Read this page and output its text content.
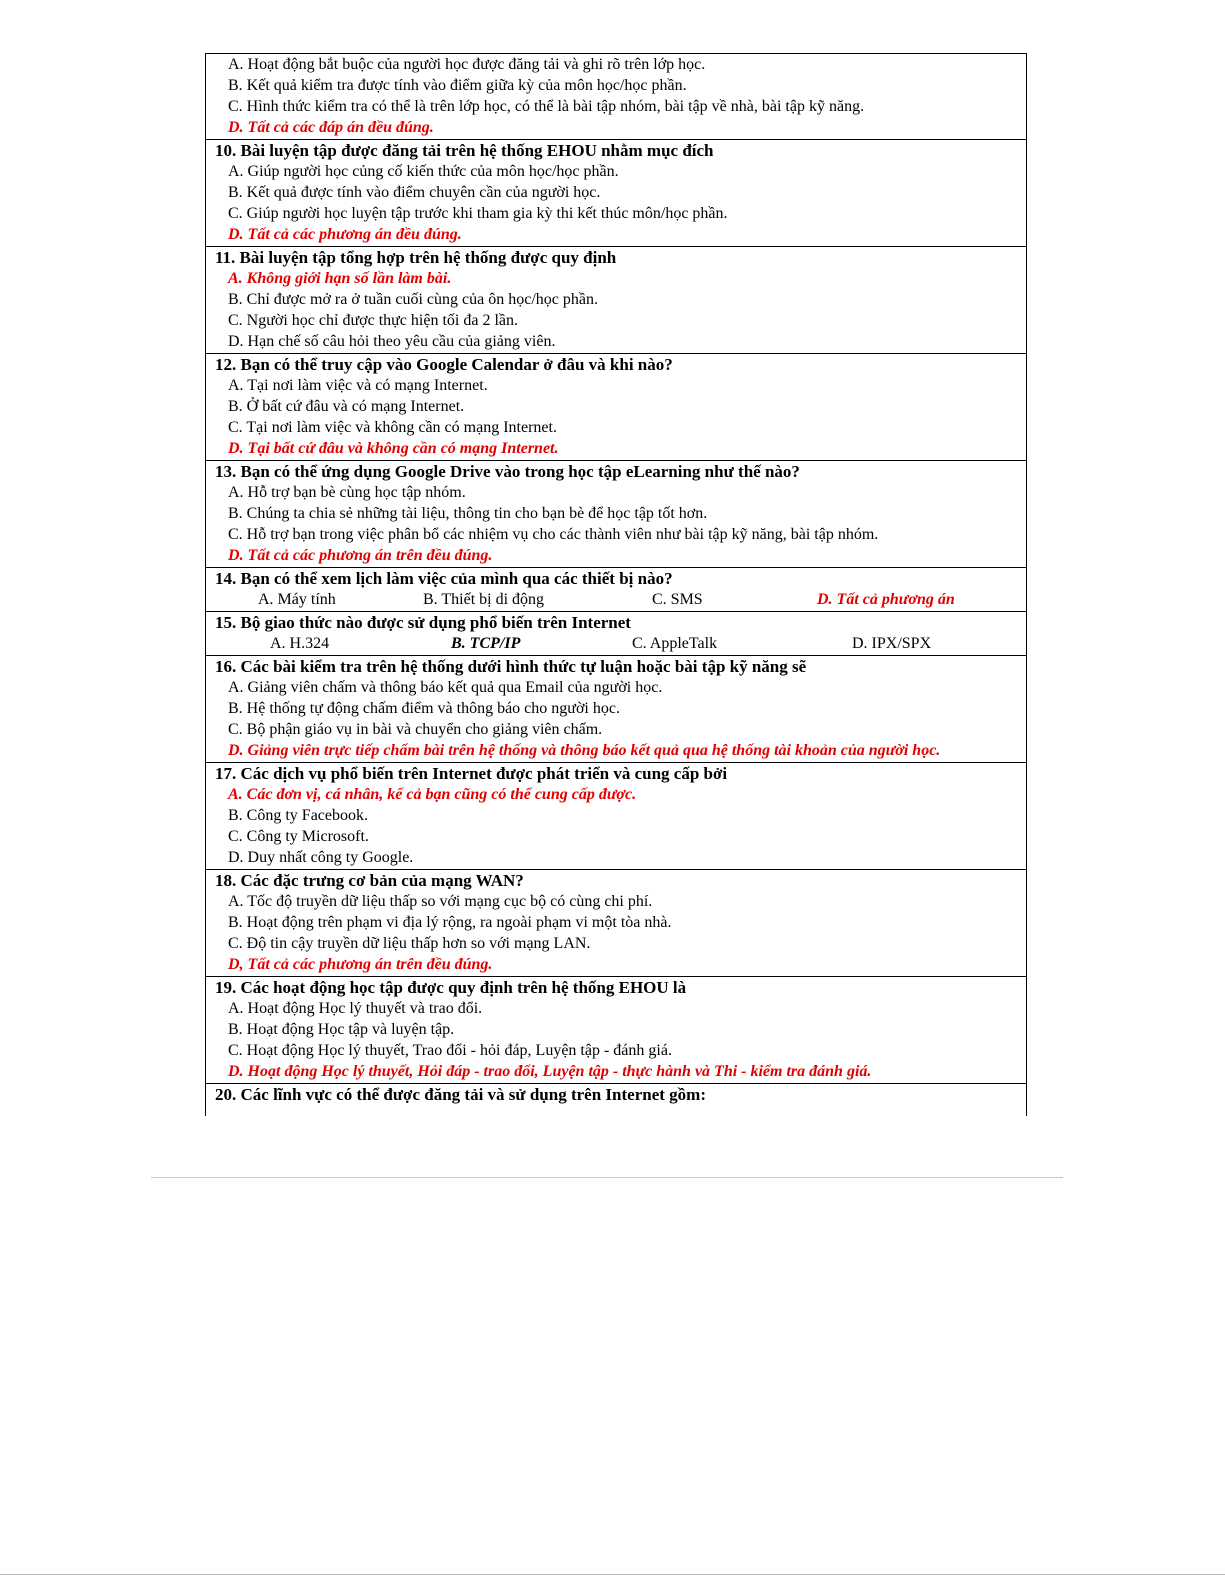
A. Hoạt động bắt buộc của người học được đăng tải và ghi rõ trên lớp học.
B. Kết quả kiểm tra được tính vào điểm giữa kỳ của môn học/học phần.
C. Hình thức kiểm tra có thể là trên lớp học, có thể là bài tập nhóm, bài tập về nhà, bài tập kỹ năng.
D. Tất cả các đáp án đều đúng.
10. Bài luyện tập được đăng tải trên hệ thống EHOU nhằm mục đích
A. Giúp người học củng cố kiến thức của môn học/học phần.
B. Kết quả được tính vào điểm chuyên cần của người học.
C. Giúp người học luyện tập trước khi tham gia kỳ thi kết thúc môn/học phần.
D. Tất cả các phương án đều đúng.
11. Bài luyện tập tổng hợp trên hệ thống được quy định
A. Không giới hạn số lần làm bài.
B. Chỉ được mở ra ở tuần cuối cùng của ôn học/học phần.
C. Người học chỉ được thực hiện tối đa 2 lần.
D. Hạn chế số câu hỏi theo yêu cầu của giảng viên.
12. Bạn có thể truy cập vào Google Calendar ở đâu và khi nào?
A. Tại nơi làm việc và có mạng Internet.
B. Ở bất cứ đâu và có mạng Internet.
C. Tại nơi làm việc và không cần có mạng Internet.
D. Tại bất cứ đâu và không cần có mạng Internet.
13. Bạn có thể ứng dụng Google Drive vào trong học tập eLearning như thế nào?
A. Hỗ trợ bạn bè cùng học tập nhóm.
B. Chúng ta chia sẻ những tài liệu, thông tin cho bạn bè để học tập tốt hơn.
C. Hỗ trợ bạn trong việc phân bổ các nhiệm vụ cho các thành viên như bài tập kỹ năng, bài tập nhóm.
D. Tất cả các phương án trên đều đúng.
14. Bạn có thể xem lịch làm việc của mình qua các thiết bị nào?
A. Máy tính	B. Thiết bị di động	C. SMS	D. Tất cả phương án
15. Bộ giao thức nào được sử dụng phổ biến trên Internet
A. H.324	B. TCP/IP	C. AppleTalk	D. IPX/SPX
16. Các bài kiểm tra trên hệ thống dưới hình thức tự luận hoặc bài tập kỹ năng sẽ
A. Giảng viên chấm và thông báo kết quả qua Email của người học.
B. Hệ thống tự động chấm điểm và thông báo cho người học.
C. Bộ phận giáo vụ in bài và chuyển cho giảng viên chấm.
D. Giảng viên trực tiếp chấm bài trên hệ thống và thông báo kết quả qua hệ thống tài khoản của người học.
17. Các dịch vụ phổ biến trên Internet được phát triển và cung cấp bởi
A. Các đơn vị, cá nhân, kể cả bạn cũng có thể cung cấp được.
B. Công ty Facebook.
C. Công ty Microsoft.
D. Duy nhất công ty Google.
18. Các đặc trưng cơ bản của mạng WAN?
A. Tốc độ truyền dữ liệu thấp so với mạng cục bộ có cùng chi phí.
B. Hoạt động trên phạm vi địa lý rộng, ra ngoài phạm vi một tòa nhà.
C. Độ tin cậy truyền dữ liệu thấp hơn so với mạng LAN.
D, Tất cả các phương án trên đều đúng.
19. Các hoạt động học tập được quy định trên hệ thống EHOU là
A. Hoạt động Học lý thuyết và trao đổi.
B. Hoạt động Học tập và luyện tập.
C. Hoạt động Học lý thuyết, Trao đổi - hỏi đáp, Luyện tập - đánh giá.
D. Hoạt động Học lý thuyết, Hỏi đáp - trao đổi, Luyện tập - thực hành và Thi - kiểm tra đánh giá.
20. Các lĩnh vực có thể được đăng tải và sử dụng trên Internet gồm:
